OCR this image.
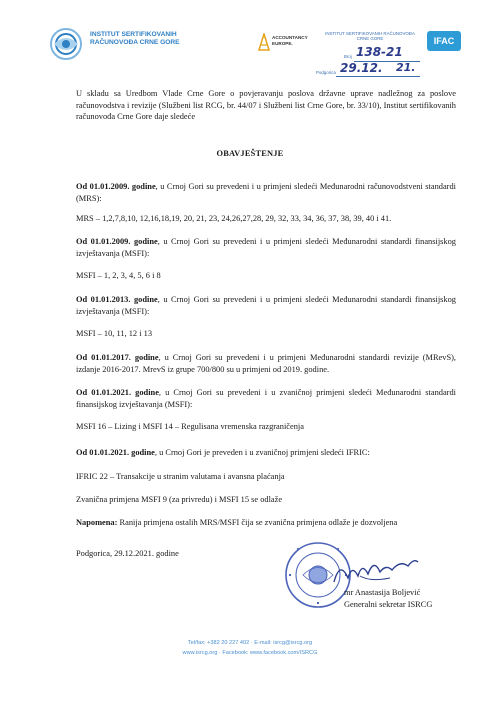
INSTITUT SERTIFIKOVANIH
RAČUNOVOĐA CRNE GORE
ACCOUNTANCY
EUROPE.
INSTITUT SERTIFIKOVANIH RAČUNOVOĐA
CRNE GORE
Broj 138-21
Podgorica 29.12. 21.
IFAC
U skladu sa Uredbom Vlade Crne Gore o povjeravanju poslova državne uprave nadležnog za poslove računovodstva i revizije (Službeni list RCG, br. 44/07 i Službeni list Crne Gore, br. 33/10), Institut sertifikovanih računovođa Crne Gore daje sledeće
OBAVJEŠTENJE
Od 01.01.2009. godine, u Crnoj Gori su prevedeni i u primjeni sledeći Međunarodni računovodstveni standardi (MRS):
MRS – 1,2,7,8,10, 12,16,18,19, 20, 21, 23, 24,26,27,28, 29, 32, 33, 34, 36, 37, 38, 39, 40 i 41.
Od 01.01.2009. godine, u Crnoj Gori su prevedeni i u primjeni sledeći Međunarodni standardi finansijskog izvještavanja (MSFI):
MSFI – 1, 2, 3, 4, 5, 6 i 8
Od 01.01.2013. godine, u Crnoj Gori su prevedeni i u primjeni sledeći Međunarodni standardi finansijskog izvještavanja (MSFI):
MSFI – 10, 11, 12 i 13
Od 01.01.2017. godine, u Crnoj Gori su prevedeni i u primjeni Međunarodni standardi revizije (MRevS), izdanje 2016-2017. MrevS iz grupe 700/800 su u primjeni od 2019. godine.
Od 01.01.2021. godine, u Crnoj Gori su prevedeni i u zvaničnoj primjeni sledeći Međunarodni standardi finansijskog izvještavanja (MSFI):
MSFI 16 – Lizing i MSFI 14 – Regulisana vremenska razgraničenja
Od 01.01.2021. godine, u Crnoj Gori je preveden i u zvaničnoj primjeni sledeći IFRIC:
IFRIC 22 – Transakcije u stranim valutama i avansna plaćanja
Zvanična primjena MSFI 9 (za privredu) i MSFI 15 se odlaže
Napomena: Ranija primjena ostalih MRS/MSFI čija se zvanična primjena odlaže je dozvoljena
Podgorica, 29.12.2021. godine
mr Anastasija Boljević
Generalni sekretar ISRCG
Tel/fax: +382 20 227 402 · E-mail: isrcg@isrcg.org
www.isrcg.org · Facebook: www.facebook.com/ISRCG
